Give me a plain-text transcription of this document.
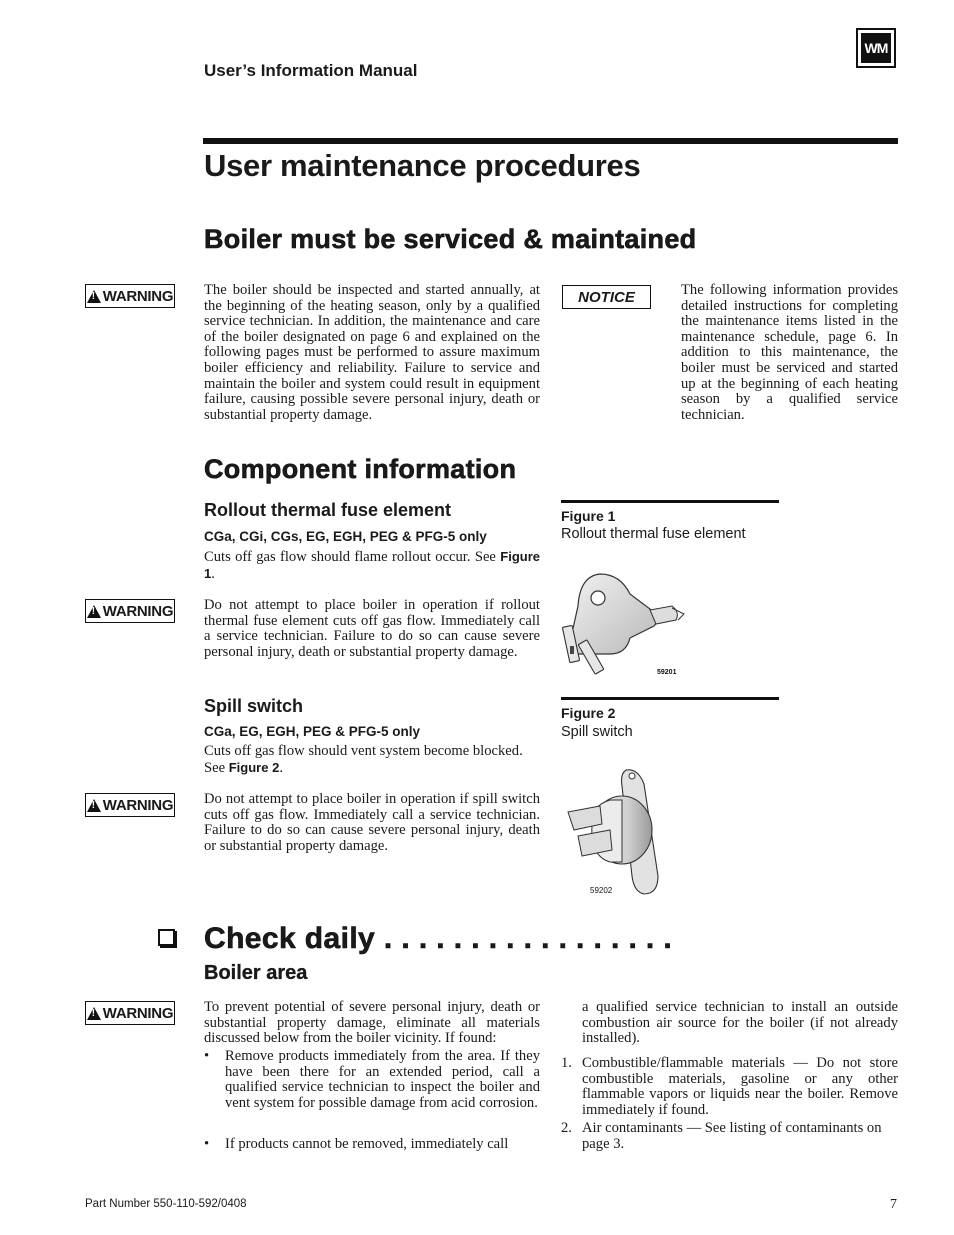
User’s Information Manual
WM
User maintenance procedures
Boiler must be serviced & maintained
!
WARNING The boiler should be inspected and started annually, at the beginning of the heating season, only by a qualified service technician. In addition, the maintenance and care of the boiler designated on page 6 and explained on the following pages must be performed to assure maximum boiler efficiency and reliability. Failure to service and maintain the boiler and system could result in equipment failure, causing possible severe personal injury, death or substantial property damage.
NOTICE	The following information provides detailed instructions for completing the maintenance items listed in the maintenance schedule, page 6. In addition to this maintenance, the boiler must be serviced and started up at the beginning of each heating season by a qualified service technician.
Component information
Rollout thermal fuse element
CGa, CGi, CGs, EG, EGH, PEG & PFG-5 only
Cuts off gas flow should flame rollout occur. See Figure 1.
!
WARNING Do not attempt to place boiler in operation if rollout thermal fuse element cuts off gas flow. Immediately call a service technician. Failure to do so can cause severe personal injury, death or substantial property damage.
Spill switch
CGa, EG, EGH, PEG & PFG-5 only
Cuts off gas flow should vent system become blocked. See Figure 2.
!
WARNING Do not attempt to place boiler in operation if spill switch cuts off gas flow. Immediately call a service technician. Failure to do so can cause severe personal injury, death or substantial property damage.
Figure 1
Rollout thermal fuse element
59201
Figure 2
Spill switch
59202
Check daily . . . . . . . . . . . . . . . . .
Boiler area
!
WARNING To prevent potential of severe personal injury, death or substantial property damage, eliminate all materials discussed below from the boiler vicinity. If found:
• Remove products immediately from the area. If they have been there for an extended period, call a qualified service technician to inspect the boiler and vent system for possible damage from acid corrosion.
• If products cannot be removed, immediately call
a qualified service technician to install an outside combustion air source for the boiler (if not already installed).
1. Combustible/flammable materials — Do not store combustible materials, gasoline or any other flammable vapors or liquids near the boiler. Remove immediately if found.
2. Air contaminants — See listing of contaminants on page 3.
Part Number 550-110-592/0408	7
